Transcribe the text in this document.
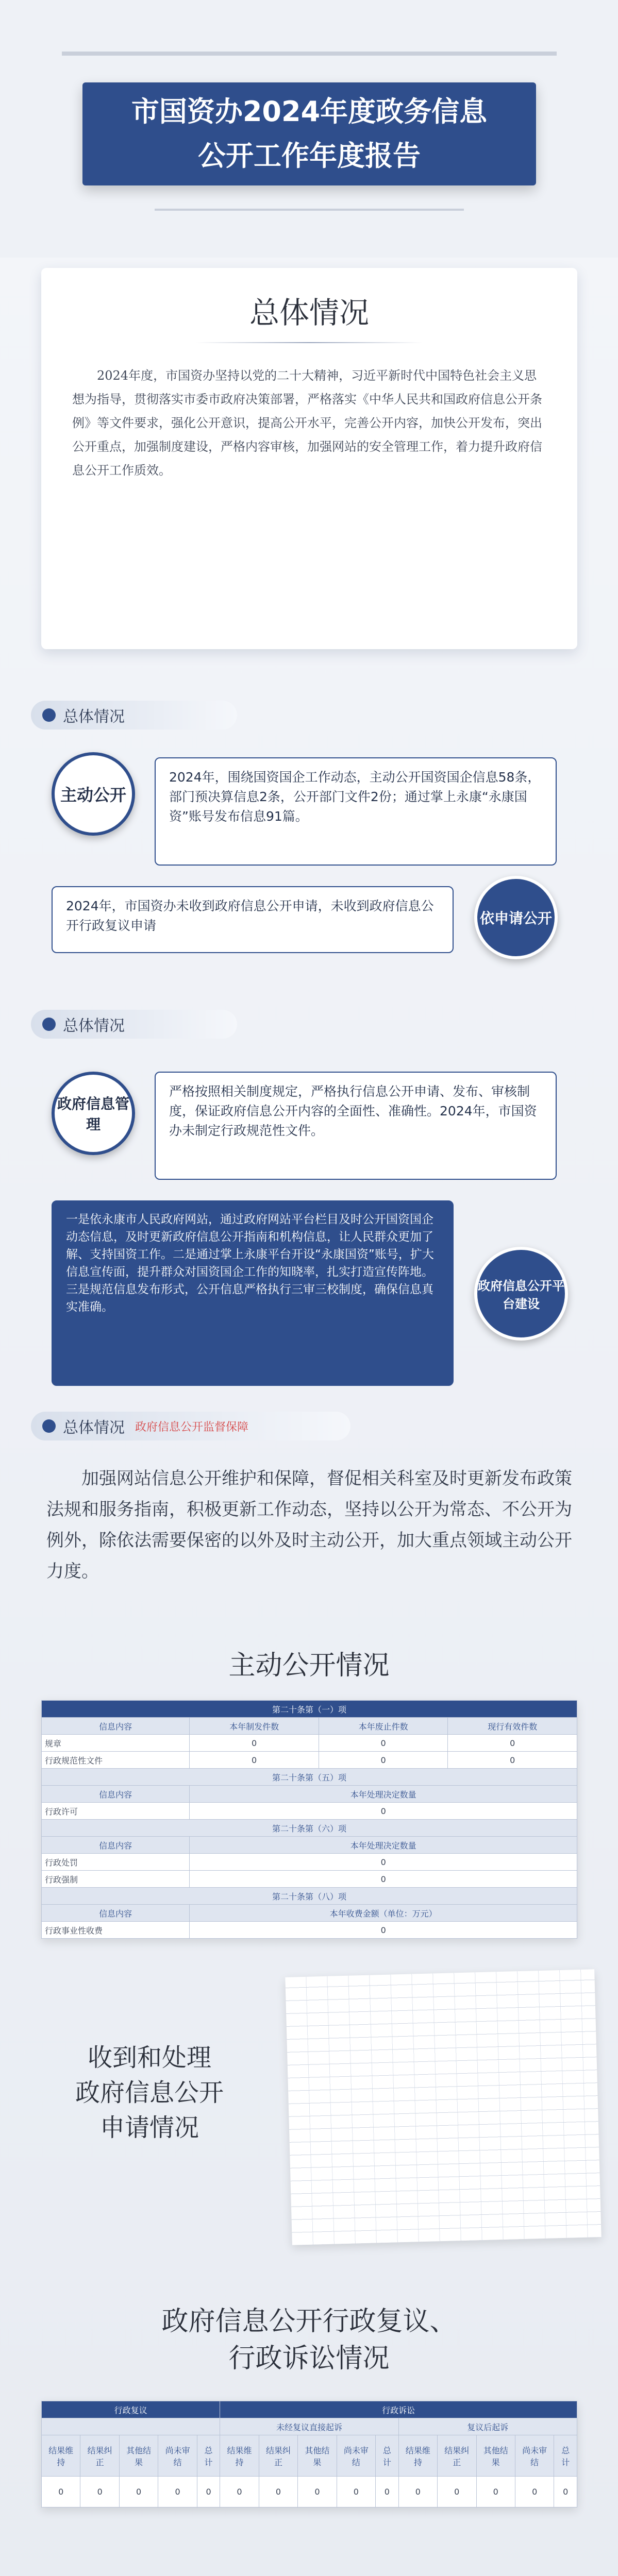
市国资办2024年度政务信息
公开工作年度报告
总体情况

2024年度，市国资办坚持以党的二十大精神，习近平新时代中国特色社会主义思想为指导，贯彻落实市委市政府决策部署，严格落实《中华人民共和国政府信息公开条例》等文件要求，强化公开意识，提高公开水平，完善公开内容，加快公开发布，突出公开重点，加强制度建设，严格内容审核，加强网站的安全管理工作，着力提升政府信息公开工作质效。

总体情况
主动公开
2024年，围绕国资国企工作动态，主动公开国资国企信息58条，部门预决算信息2条，公开部门文件2份；通过掌上永康“永康国资”账号发布信息91篇。
2024年，市国资办未收到政府信息公开申请，未收到政府信息公开行政复议申请	依申请公开
总体情况
政府信息管理
严格按照相关制度规定，严格执行信息公开申请、发布、审核制度，保证政府信息公开内容的全面性、准确性。2024年，市国资办未制定行政规范性文件。
一是依永康市人民政府网站，通过政府网站平台栏目及时公开国资国企动态信息，及时更新政府信息公开指南和机构信息，让人民群众更加了解、支持国资工作。二是通过掌上永康平台开设“永康国资”账号，扩大信息宣传面，提升群众对国资国企工作的知晓率，扎实打造宣传阵地。三是规范信息发布形式，公开信息严格执行三审三校制度，确保信息真实准确。
政府信息公开平台建设
总体情况 政府信息公开监督保障
加强网站信息公开维护和保障，督促相关科室及时更新发布政策法规和服务指南，积极更新工作动态，坚持以公开为常态、不公开为例外，除依法需要保密的以外及时主动公开，加大重点领域主动公开力度。
主动公开情况
第二十条第（一）项			
信息内容	本年制发件数	本年废止件数	现行有效件数
规章	0	0	0
行政规范性文件	0	0	0
第二十条第（五）项			
信息内容	本年处理决定数量		
行政许可	0		
第二十条第（六）项			
信息内容	本年处理决定数量		
行政处罚	0		
行政强制	0		
第二十条第（八）项			
信息内容	本年收费金额（单位：万元）		
行政事业性收费	0		
收到和处理
政府信息公开
申请情况
政府信息公开行政复议、
行政诉讼情况
行政复议					行政诉讼									
					未经复议直接起诉					复议后起诉				
结果维持	结果纠正	其他结果	尚未审结	总计	结果维持	结果纠正	其他结果	尚未审结	总计	结果维持	结果纠正	其他结果	尚未审结	总计
0	0	0	0	0	0	0	0	0	0	0	0	0	0	0
